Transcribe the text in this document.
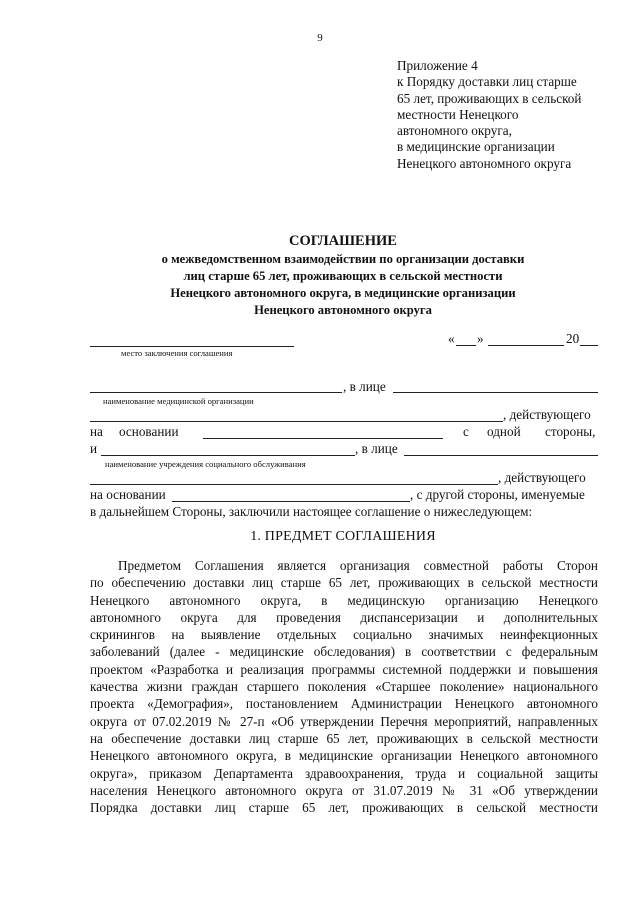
9
Приложение 4
к Порядку доставки лиц старше
65 лет, проживающих в сельской
местности Ненецкого
автономного округа,
в медицинские организации
Ненецкого автономного округа
СОГЛАШЕНИЕ
о межведомственном взаимодействии по организации доставки
лиц старше 65 лет, проживающих в сельской местности
Ненецкого автономного округа, в медицинские организации
Ненецкого автономного округа
« »	20
место заключения соглашения
, в лице
наименование медицинской организации
, действующего
на основании	с одной стороны,
и	, в лице
наименование учреждения социального обслуживания
, действующего
на основании	, с другой стороны, именуемые
в дальнейшем Стороны, заключили настоящее соглашение о нижеследующем:
1. ПРЕДМЕТ СОГЛАШЕНИЯ
Предметом Соглашения является организация совместной работы Сторон
по обеспечению доставки лиц старше 65 лет, проживающих в сельской местности
Ненецкого автономного округа, в медицинскую организацию Ненецкого
автономного округа для проведения диспансеризации и дополнительных
скринингов на выявление отдельных социально значимых неинфекционных
заболеваний (далее - медицинские обследования) в соответствии с федеральным
проектом «Разработка и реализация программы системной поддержки и повышения
качества жизни граждан старшего поколения «Старшее поколение» национального
проекта «Демография», постановлением Администрации Ненецкого автономного
округа от 07.02.2019 № 27-п «Об утверждении Перечня мероприятий, направленных
на обеспечение доставки лиц старше 65 лет, проживающих в сельской местности
Ненецкого автономного округа, в медицинские организации Ненецкого автономного
округа», приказом Департамента здравоохранения, труда и социальной защиты
населения Ненецкого автономного округа от 31.07.2019 № 31 «Об утверждении
Порядка доставки лиц старше 65 лет, проживающих в сельской местности
